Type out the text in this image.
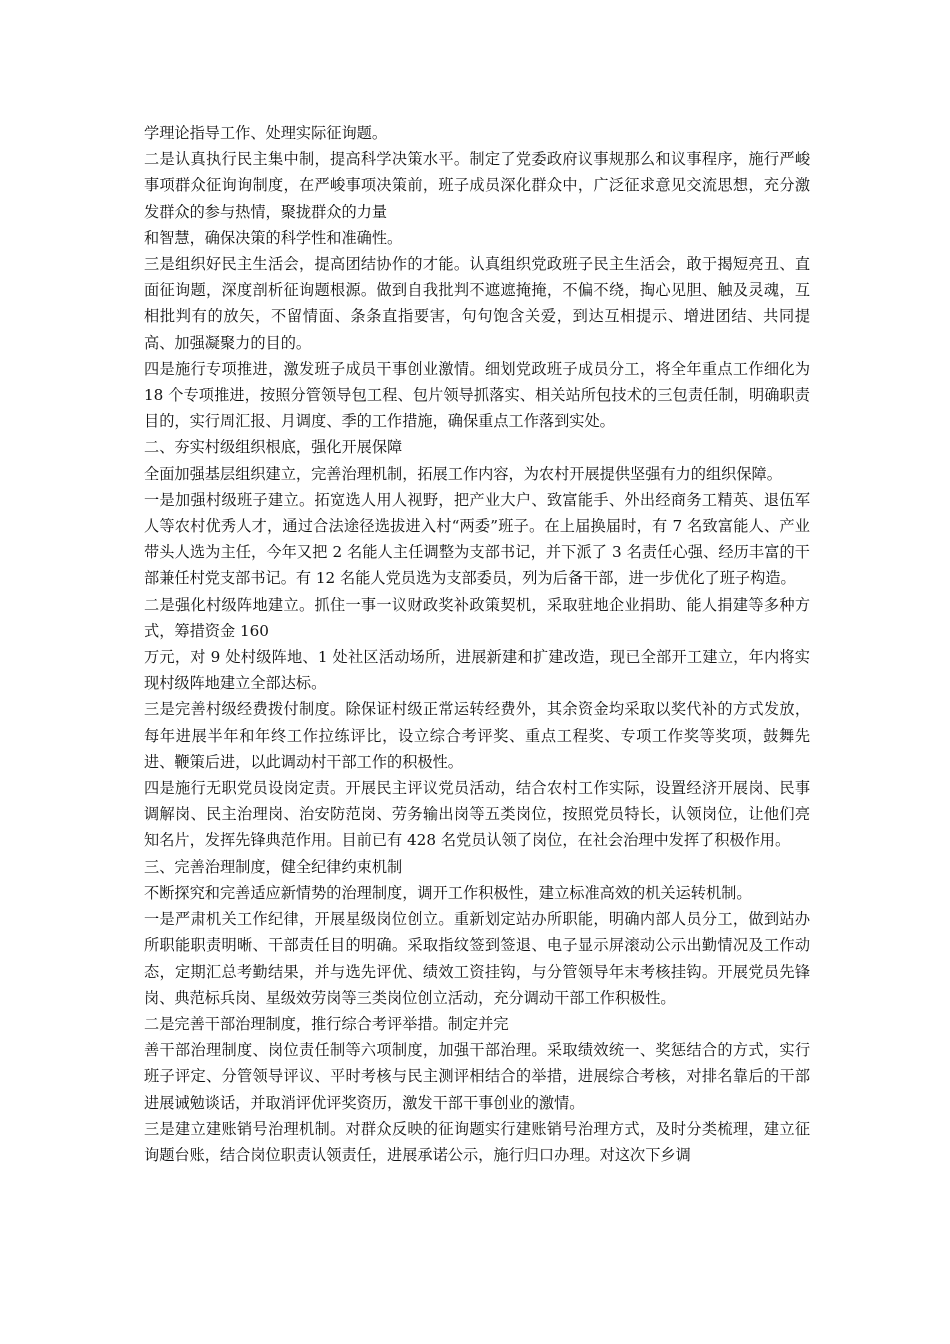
学理论指导工作、处理实际征询题。

二是认真执行民主集中制，提高科学决策水平。制定了党委政府议事规那么和议事程序，施行严峻事项群众征询询制度，在严峻事项决策前，班子成员深化群众中，广泛征求意见交流思想，充分激发群众的参与热情，聚拢群众的力量

和智慧，确保决策的科学性和准确性。

三是组织好民主生活会，提高团结协作的才能。认真组织党政班子民主生活会，敢于揭短亮丑、直面征询题，深度剖析征询题根源。做到自我批判不遮遮掩掩，不偏不绕，掏心见胆、触及灵魂，互相批判有的放矢，不留情面、条条直指要害，句句饱含关爱，到达互相提示、增进团结、共同提高、加强凝聚力的目的。

四是施行专项推进，激发班子成员干事创业激情。细划党政班子成员分工，将全年重点工作细化为 18 个专项推进，按照分管领导包工程、包片领导抓落实、相关站所包技术的三包责任制，明确职责目的，实行周汇报、月调度、季的工作措施，确保重点工作落到实处。

二、夯实村级组织根底，强化开展保障

全面加强基层组织建立，完善治理机制，拓展工作内容，为农村开展提供坚强有力的组织保障。

一是加强村级班子建立。拓宽选人用人视野，把产业大户、致富能手、外出经商务工精英、退伍军人等农村优秀人才，通过合法途径选拔进入村“两委”班子。在上届换届时，有 7 名致富能人、产业带头人选为主任，今年又把 2 名能人主任调整为支部书记，并下派了 3 名责任心强、经历丰富的干部兼任村党支部书记。有 12 名能人党员选为支部委员，列为后备干部，进一步优化了班子构造。

二是强化村级阵地建立。抓住一事一议财政奖补政策契机，采取驻地企业捐助、能人捐建等多种方式，筹措资金 160

万元，对 9 处村级阵地、1 处社区活动场所，进展新建和扩建改造，现已全部开工建立，年内将实现村级阵地建立全部达标。

三是完善村级经费拨付制度。除保证村级正常运转经费外，其余资金均采取以奖代补的方式发放，每年进展半年和年终工作拉练评比，设立综合考评奖、重点工程奖、专项工作奖等奖项，鼓舞先进、鞭策后进，以此调动村干部工作的积极性。

四是施行无职党员设岗定责。开展民主评议党员活动，结合农村工作实际，设置经济开展岗、民事调解岗、民主治理岗、治安防范岗、劳务输出岗等五类岗位，按照党员特长，认领岗位，让他们亮知名片，发挥先锋典范作用。目前已有 428 名党员认领了岗位，在社会治理中发挥了积极作用。

三、完善治理制度，健全纪律约束机制

不断探究和完善适应新情势的治理制度，调开工作积极性，建立标准高效的机关运转机制。

一是严肃机关工作纪律，开展星级岗位创立。重新划定站办所职能，明确内部人员分工，做到站办所职能职责明晰、干部责任目的明确。采取指纹签到签退、电子显示屏滚动公示出勤情况及工作动态，定期汇总考勤结果，并与选先评优、绩效工资挂钩，与分管领导年末考核挂钩。开展党员先锋岗、典范标兵岗、星级效劳岗等三类岗位创立活动，充分调动干部工作积极性。

二是完善干部治理制度，推行综合考评举措。制定并完

善干部治理制度、岗位责任制等六项制度，加强干部治理。采取绩效统一、奖惩结合的方式，实行班子评定、分管领导评议、平时考核与民主测评相结合的举措，进展综合考核，对排名靠后的干部进展诫勉谈话，并取消评优评奖资历，激发干部干事创业的激情。

三是建立建账销号治理机制。对群众反映的征询题实行建账销号治理方式，及时分类梳理，建立征询题台账，结合岗位职责认领责任，进展承诺公示，施行归口办理。对这次下乡调
